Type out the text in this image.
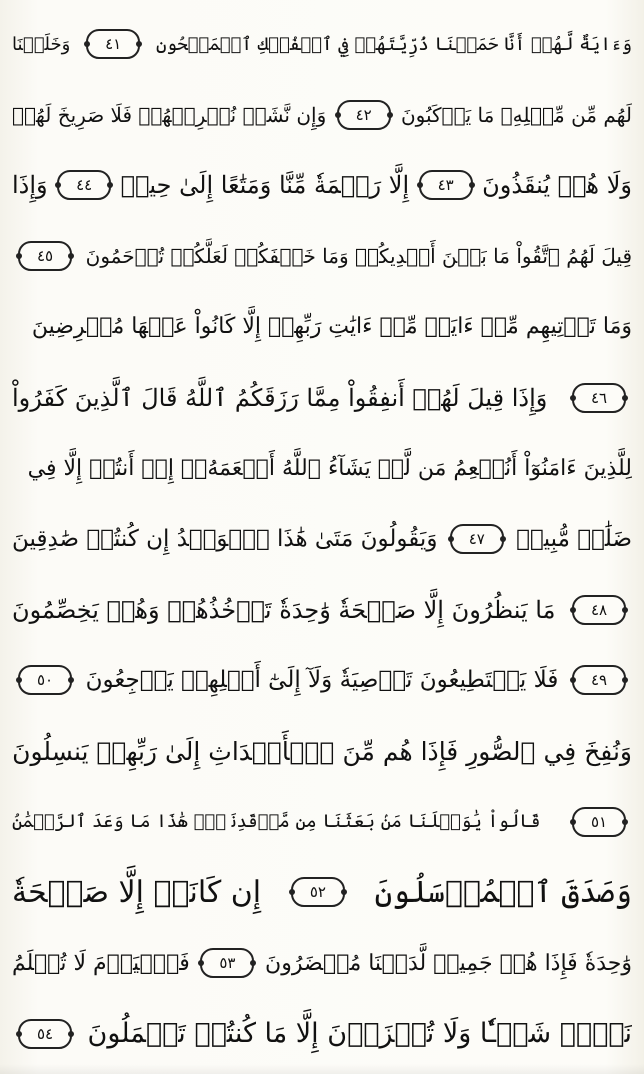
وَءَايَةٌ لَّهُمۡ أَنَّا حَمَلۡنَا ذُرِّيَّتَهُمۡ فِي ٱلۡفُلۡكِ ٱلۡمَشۡحُونِ
٤١
وَخَلَقۡنَا
لَهُم مِّن مِّثۡلِهِۦ مَا يَرۡكَبُونَ
٤٢
وَإِن نَّشَأۡ نُغۡرِقۡهُمۡ فَلَا صَرِيخَ لَهُمۡ
وَلَا هُمۡ يُنقَذُونَ
٤٣
إِلَّا رَحۡمَةٗ مِّنَّا وَمَتَٰعًا إِلَىٰ حِينٖ
٤٤
وَإِذَا
قِيلَ لَهُمُ ٱتَّقُواْ مَا بَيۡنَ أَيۡدِيكُمۡ وَمَا خَلۡفَكُمۡ لَعَلَّكُمۡ تُرۡحَمُونَ
٤٥
وَمَا تَأۡتِيهِم مِّنۡ ءَايَةٖ مِّنۡ ءَايَٰتِ رَبِّهِمۡ إِلَّا كَانُواْ عَنۡهَا مُعۡرِضِينَ
٤٦
وَإِذَا قِيلَ لَهُمۡ أَنفِقُواْ مِمَّا رَزَقَكُمُ ٱللَّهُ قَالَ ٱلَّذِينَ كَفَرُواْ
لِلَّذِينَ ءَامَنُوٓاْ أَنُطۡعِمُ مَن لَّوۡ يَشَآءُ ٱللَّهُ أَطۡعَمَهُۥٓ إِنۡ أَنتُمۡ إِلَّا فِي
ضَلَٰلٖ مُّبِينٖ
٤٧
وَيَقُولُونَ مَتَىٰ هَٰذَا ٱلۡوَعۡدُ إِن كُنتُمۡ صَٰدِقِينَ
٤٨
مَا يَنظُرُونَ إِلَّا صَيۡحَةٗ وَٰحِدَةٗ تَأۡخُذُهُمۡ وَهُمۡ يَخِصِّمُونَ
٤٩
فَلَا يَسۡتَطِيعُونَ تَوۡصِيَةٗ وَلَآ إِلَىٰٓ أَهۡلِهِمۡ يَرۡجِعُونَ
٥٠
وَنُفِخَ فِي ٱلصُّورِ فَإِذَا هُم مِّنَ ٱلۡأَجۡدَاثِ إِلَىٰ رَبِّهِمۡ يَنسِلُونَ
٥١
قَالُواْ يَٰوَيۡلَنَا مَنۢ بَعَثَنَا مِن مَّرۡقَدِنَاۜۗ هَٰذَا مَا وَعَدَ ٱلرَّحۡمَٰنُ
وَصَدَقَ ٱلۡمُرۡسَلُونَ
٥٢
إِن كَانَتۡ إِلَّا صَيۡحَةٗ
وَٰحِدَةٗ فَإِذَا هُمۡ جَمِيعٞ لَّدَيۡنَا مُحۡضَرُونَ
٥٣
فَٱلۡيَوۡمَ لَا تُظۡلَمُ
نَفۡسٞ شَيۡـٔٗا وَلَا تُجۡزَوۡنَ إِلَّا مَا كُنتُمۡ تَعۡمَلُونَ
٥٤
